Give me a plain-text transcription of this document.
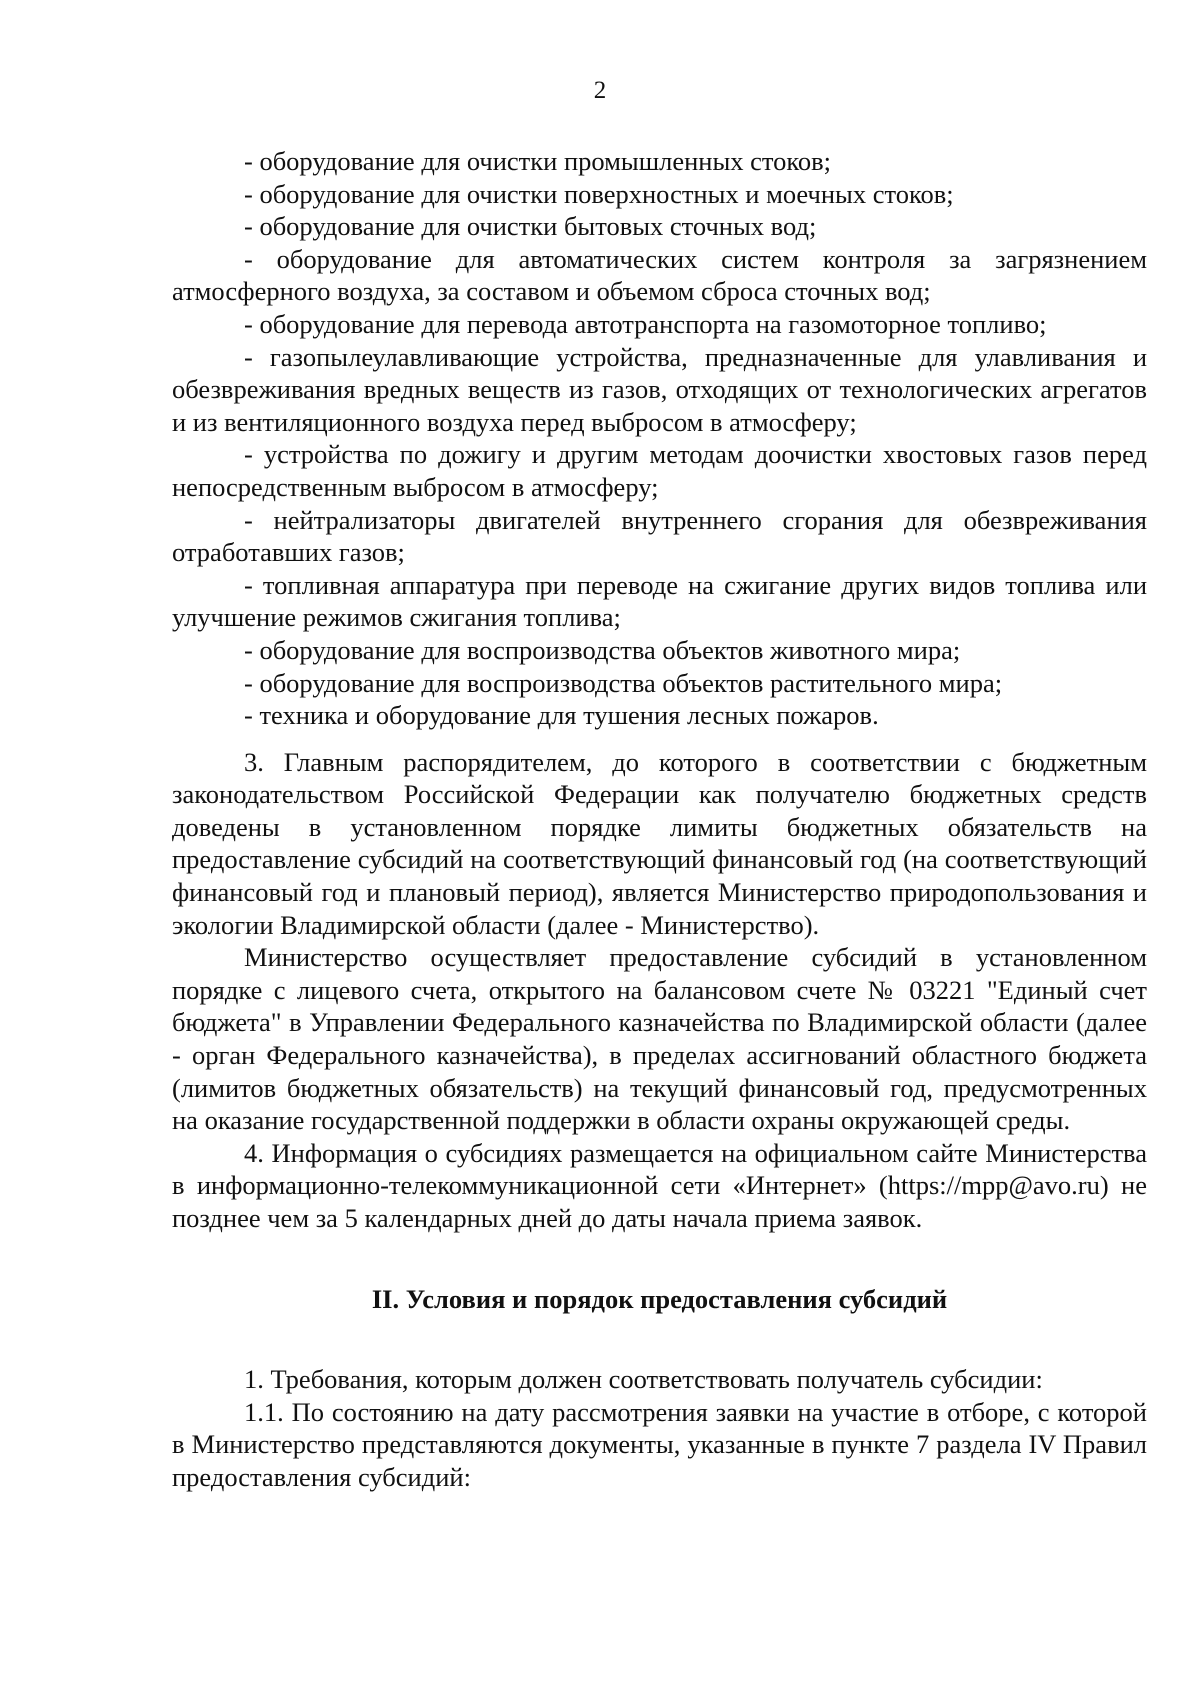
2

- оборудование для очистки промышленных стоков;

- оборудование для очистки поверхностных и моечных стоков;

- оборудование для очистки бытовых сточных вод;

- оборудование для автоматических систем контроля за загрязнением атмосферного воздуха, за составом и объемом сброса сточных вод;

- оборудование для перевода автотранспорта на газомоторное топливо;

- газопылеулавливающие устройства, предназначенные для улавливания и обезвреживания вредных веществ из газов, отходящих от технологических агрегатов и из вентиляционного воздуха перед выбросом в атмосферу;

- устройства по дожигу и другим методам доочистки хвостовых газов перед непосредственным выбросом в атмосферу;

- нейтрализаторы двигателей внутреннего сгорания для обезвреживания отработавших газов;

- топливная аппаратура при переводе на сжигание других видов топлива или улучшение режимов сжигания топлива;

- оборудование для воспроизводства объектов животного мира;

- оборудование для воспроизводства объектов растительного мира;

- техника и оборудование для тушения лесных пожаров.

3. Главным распорядителем, до которого в соответствии с бюджетным законодательством Российской Федерации как получателю бюджетных средств доведены в установленном порядке лимиты бюджетных обязательств на предоставление субсидий на соответствующий финансовый год (на соответствующий финансовый год и плановый период), является Министерство природопользования и экологии Владимирской области (далее - Министерство).

Министерство осуществляет предоставление субсидий в установленном порядке с лицевого счета, открытого на балансовом счете № 03221 "Единый счет бюджета" в Управлении Федерального казначейства по Владимирской области (далее - орган Федерального казначейства), в пределах ассигнований областного бюджета (лимитов бюджетных обязательств) на текущий финансовый год, предусмотренных на оказание государственной поддержки в области охраны окружающей среды.

4. Информация о субсидиях размещается на официальном сайте Министерства в информационно-телекоммуникационной сети «Интернет» (https://mpp@avo.ru) не позднее чем за 5 календарных дней до даты начала приема заявок.

II. Условия и порядок предоставления субсидий

1. Требования, которым должен соответствовать получатель субсидии:

1.1. По состоянию на дату рассмотрения заявки на участие в отборе, с которой в Министерство представляются документы, указанные в пункте 7 раздела IV Правил предоставления субсидий:
